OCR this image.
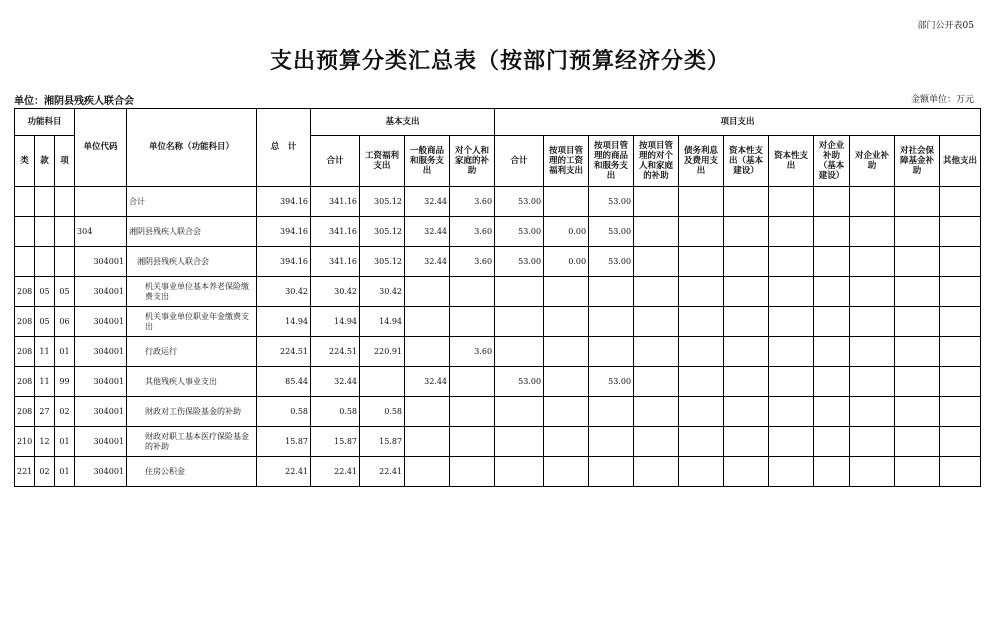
部门公开表05
支出预算分类汇总表（按部门预算经济分类）
单位：湘阴县残疾人联合会	金额单位：万元
功能科目			单位代码	单位名称（功能科目）	总　计	基本支出				项目支出										
类	款	项				合计	工资福利支出	一般商品和服务支出	对个人和家庭的补助	合计	按项目管理的工资福利支出	按项目管理的商品和服务支出	按项目管理的对个人和家庭的补助	债务利息及费用支出	资本性支出（基本建设）	资本性支出	对企业补助（基本建设）	对企业补助	对社会保障基金补助	其他支出
				合计	394.16	341.16	305.12	32.44	3.60	53.00		53.00								
			304	湘阴县残疾人联合会	394.16	341.16	305.12	32.44	3.60	53.00	0.00	53.00								
			304001	湘阴县残疾人联合会	394.16	341.16	305.12	32.44	3.60	53.00	0.00	53.00								
208	05	05	304001	机关事业单位基本养老保险缴费支出	30.42	30.42	30.42													
208	05	06	304001	机关事业单位职业年金缴费支出	14.94	14.94	14.94													
208	11	01	304001	行政运行	224.51	224.51	220.91		3.60											
208	11	99	304001	其他残疾人事业支出	85.44	32.44		32.44		53.00		53.00								
208	27	02	304001	财政对工伤保险基金的补助	0.58	0.58	0.58													
210	12	01	304001	财政对职工基本医疗保险基金的补助	15.87	15.87	15.87													
221	02	01	304001	住房公积金	22.41	22.41	22.41													
